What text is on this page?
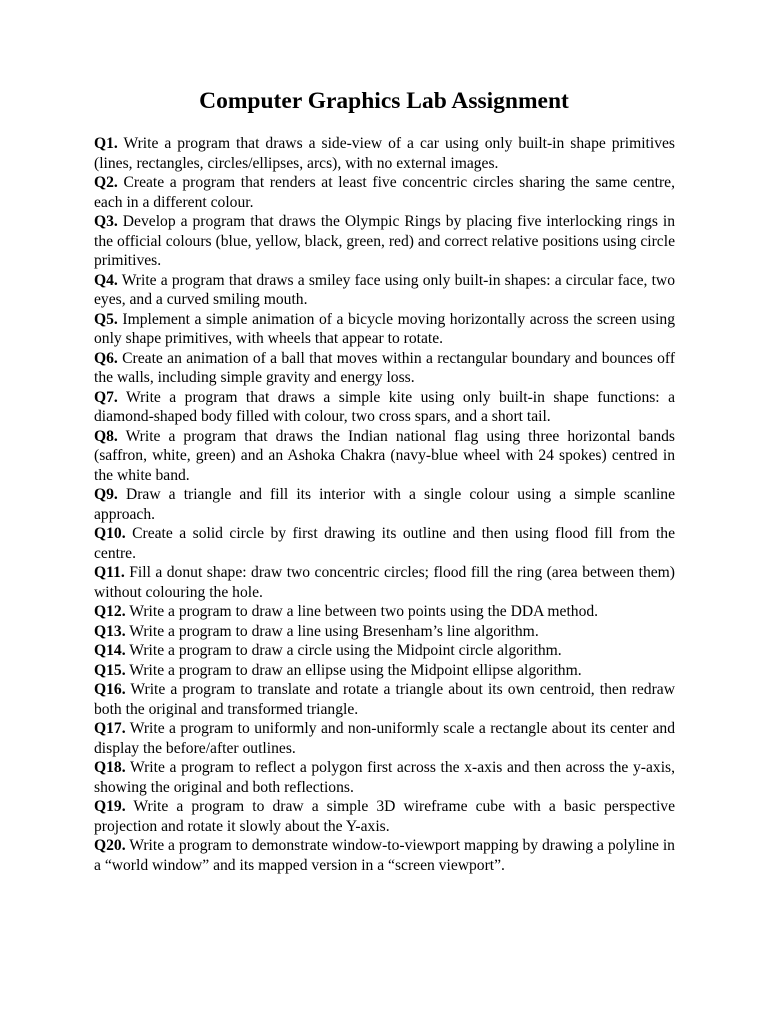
Computer Graphics Lab Assignment
Q1. Write a program that draws a side-view of a car using only built-in shape primitives (lines, rectangles, circles/ellipses, arcs), with no external images.
Q2. Create a program that renders at least five concentric circles sharing the same centre, each in a different colour.
Q3. Develop a program that draws the Olympic Rings by placing five interlocking rings in the official colours (blue, yellow, black, green, red) and correct relative positions using circle primitives.
Q4. Write a program that draws a smiley face using only built-in shapes: a circular face, two eyes, and a curved smiling mouth.
Q5. Implement a simple animation of a bicycle moving horizontally across the screen using only shape primitives, with wheels that appear to rotate.
Q6. Create an animation of a ball that moves within a rectangular boundary and bounces off the walls, including simple gravity and energy loss.
Q7. Write a program that draws a simple kite using only built-in shape functions: a diamond-shaped body filled with colour, two cross spars, and a short tail.
Q8. Write a program that draws the Indian national flag using three horizontal bands (saffron, white, green) and an Ashoka Chakra (navy-blue wheel with 24 spokes) centred in the white band.
Q9. Draw a triangle and fill its interior with a single colour using a simple scanline approach.
Q10. Create a solid circle by first drawing its outline and then using flood fill from the centre.
Q11. Fill a donut shape: draw two concentric circles; flood fill the ring (area between them) without colouring the hole.
Q12. Write a program to draw a line between two points using the DDA method.
Q13. Write a program to draw a line using Bresenham’s line algorithm.
Q14. Write a program to draw a circle using the Midpoint circle algorithm.
Q15. Write a program to draw an ellipse using the Midpoint ellipse algorithm.
Q16. Write a program to translate and rotate a triangle about its own centroid, then redraw both the original and transformed triangle.
Q17. Write a program to uniformly and non-uniformly scale a rectangle about its center and display the before/after outlines.
Q18. Write a program to reflect a polygon first across the x-axis and then across the y-axis, showing the original and both reflections.
Q19. Write a program to draw a simple 3D wireframe cube with a basic perspective projection and rotate it slowly about the Y-axis.
Q20. Write a program to demonstrate window-to-viewport mapping by drawing a polyline in a “world window” and its mapped version in a “screen viewport”.
